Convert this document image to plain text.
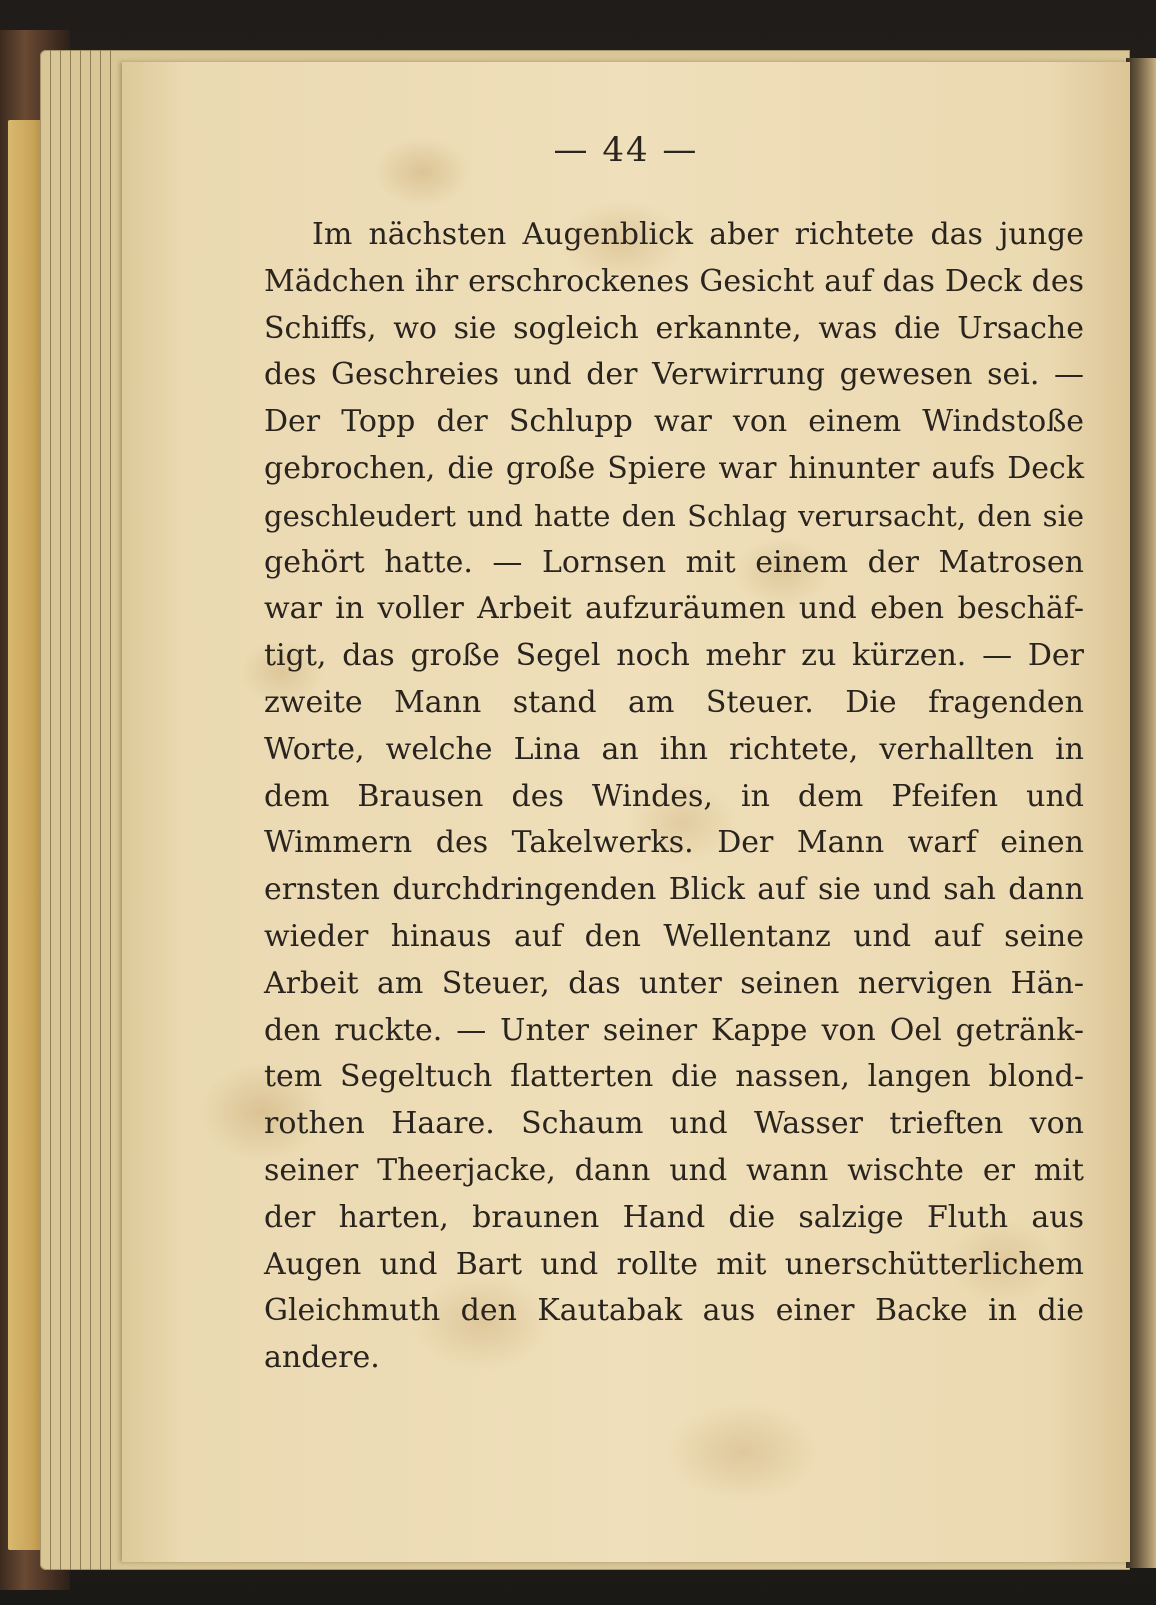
— 44 —
Im nächsten Augenblick aber richtete das junge
Mädchen ihr erschrockenes Gesicht auf das Deck des
Schiffs, wo sie sogleich erkannte, was die Ursache
des Geschreies und der Verwirrung gewesen sei. —
Der Topp der Schlupp war von einem Windstoße
gebrochen, die große Spiere war hinunter aufs Deck
geschleudert und hatte den Schlag verursacht, den sie
gehört hatte. — Lornsen mit einem der Matrosen
war in voller Arbeit aufzuräumen und eben beschäf-
tigt, das große Segel noch mehr zu kürzen. — Der
zweite Mann stand am Steuer. Die fragenden
Worte, welche Lina an ihn richtete, verhallten in
dem Brausen des Windes, in dem Pfeifen und
Wimmern des Takelwerks. Der Mann warf einen
ernsten durchdringenden Blick auf sie und sah dann
wieder hinaus auf den Wellentanz und auf seine
Arbeit am Steuer, das unter seinen nervigen Hän-
den ruckte. — Unter seiner Kappe von Oel getränk-
tem Segeltuch flatterten die nassen, langen blond-
rothen Haare. Schaum und Wasser trieften von
seiner Theerjacke, dann und wann wischte er mit
der harten, braunen Hand die salzige Fluth aus
Augen und Bart und rollte mit unerschütterlichem
Gleichmuth den Kautabak aus einer Backe in die
andere.
